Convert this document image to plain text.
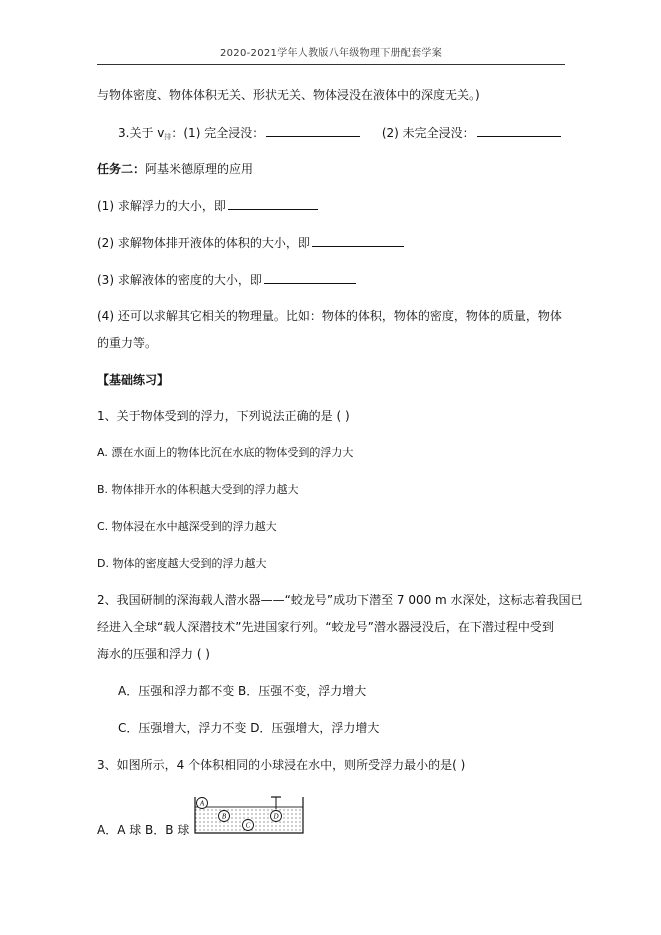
2020-2021学年人教版八年级物理下册配套学案
与物体密度、物体体积无关、形状无关、物体浸没在液体中的深度无关。)
3.关于 $v_排$：(1) 完全浸没：	(2) 未完全浸没：
任务二：阿基米德原理的应用
(1) 求解浮力的大小，即
(2) 求解物体排开液体的体积的大小，即
(3) 求解液体的密度的大小，即
(4) 还可以求解其它相关的物理量。比如：物体的体积，物体的密度，物体的质量，物体
的重力等。
【基础练习】
1、关于物体受到的浮力，下列说法正确的是 ( )
A. 漂在水面上的物体比沉在水底的物体受到的浮力大
B. 物体排开水的体积越大受到的浮力越大
C. 物体浸在水中越深受到的浮力越大
D. 物体的密度越大受到的浮力越大
2、我国研制的深海载人潜水器——“蛟龙号”成功下潜至 7 000 m 水深处，这标志着我国已
经进入全球“载人深潜技术”先进国家行列。“蛟龙号”潜水器浸没后，在下潜过程中受到
海水的压强和浮力 ( )
A．压强和浮力都不变 B．压强不变，浮力增大
C．压强增大，浮力不变 D．压强增大，浮力增大
3、如图所示，4 个体积相同的小球浸在水中，则所受浮力最小的是( )
A．A 球 B．B 球
A
B
C
D
